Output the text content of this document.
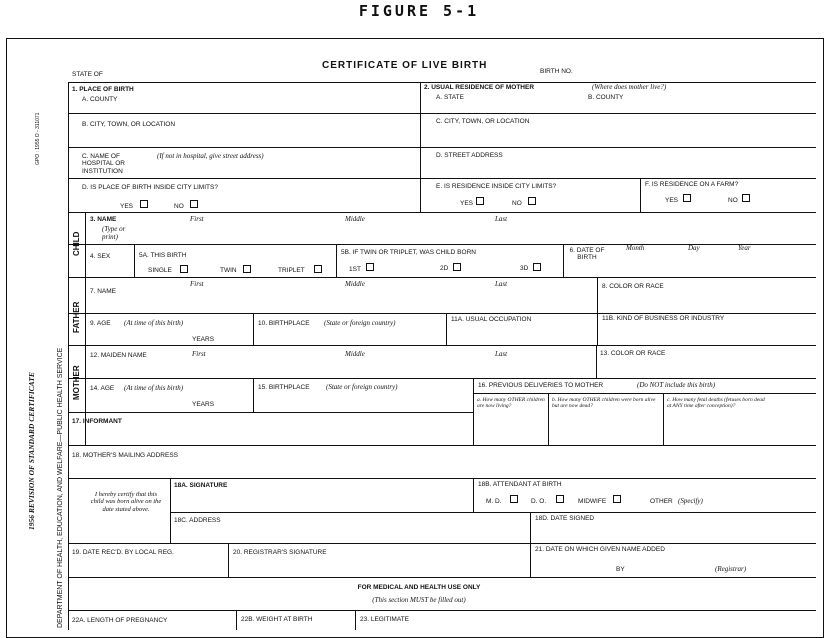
FIGURE 5-1
1956 REVISION OF STANDARD CERTIFICATE	DEPARTMENT OF HEALTH, EDUCATION, AND WELFARE—PUBLIC HEALTH SERVICE
GPO : 1955 O - 311071
CHILD
FATHER
MOTHER
CERTIFICATE OF LIVE BIRTH
STATE OF	BIRTH NO.
1. PLACE OF BIRTH
A. COUNTY
2. USUAL RESIDENCE OF MOTHER	(Where does mother live?)
A. STATE	B. COUNTY
B. CITY, TOWN, OR LOCATION	C. CITY, TOWN, OR LOCATION
C. NAME OF HOSPITAL OR INSTITUTION
(If not in hospital, give street address)	D. STREET ADDRESS
D. IS PLACE OF BIRTH INSIDE CITY LIMITS?
YES	NO
E. IS RESIDENCE INSIDE CITY LIMITS?
YES	NO
F. IS RESIDENCE ON A FARM?
YES	NO
3. NAME
(Type or print)
First	Middle	Last
4. SEX	5A. THIS BIRTH
SINGLE	TWIN	TRIPLET
5B. IF TWIN OR TRIPLET, WAS CHILD BORN
1ST	2D	3D
6. DATE OF BIRTH
Month	Day	Year
7. NAME
First	Middle	Last	8. COLOR OR RACE
9. AGE (At time of this birth)
YEARS
10. BIRTHPLACE (State or foreign country)	11A. USUAL OCCUPATION	11B. KIND OF BUSINESS OR INDUSTRY
12. MAIDEN NAME	First	Middle	Last	13. COLOR OR RACE
14. AGE (At time of this birth)
YEARS
15. BIRTHPLACE (State or foreign country)	16. PREVIOUS DELIVERIES TO MOTHER	(Do NOT include this birth)
a. How many OTHER children are now living?
b. How many OTHER children were born alive but are now dead?
c. How many fetal deaths (fetuses born dead at ANY time after conception)?
17. INFORMANT
18. MOTHER'S MAILING ADDRESS
I hereby certify that this child was born alive on the date stated above.
18A. SIGNATURE	18B. ATTENDANT AT BIRTH
M. D.	D. O.	MIDWIFE	OTHER (Specify)
18C. ADDRESS	18D. DATE SIGNED
19. DATE REC'D. BY LOCAL REG.	20. REGISTRAR'S SIGNATURE	21. DATE ON WHICH GIVEN NAME ADDED
BY	(Registrar)
FOR MEDICAL AND HEALTH USE ONLY
(This section MUST be filled out)
22A. LENGTH OF PREGNANCY	22B. WEIGHT AT BIRTH	23. LEGITIMATE
